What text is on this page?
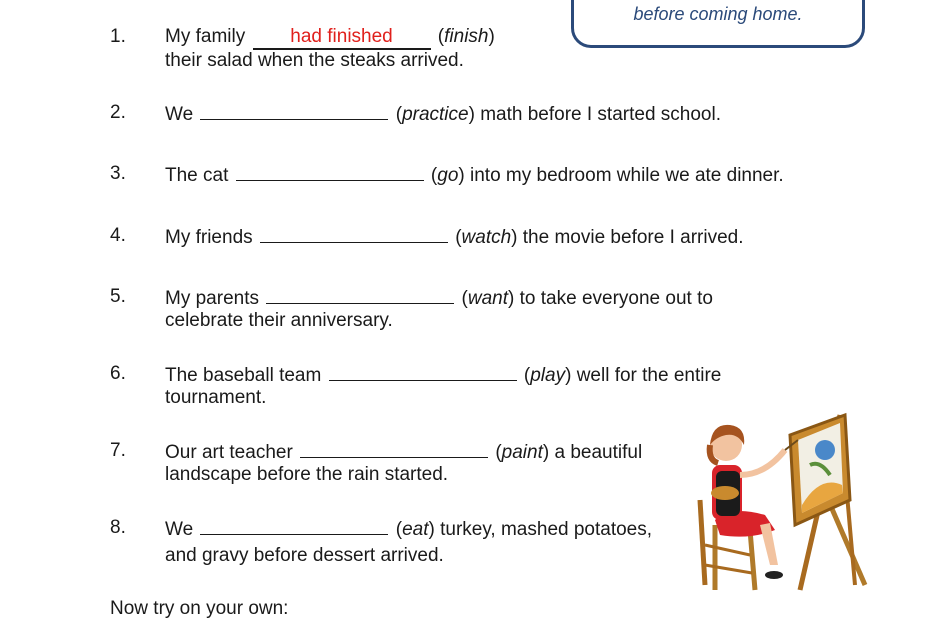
before coming home.
1.	My family had finished (finish)
their salad when the steaks arrived.
2.	We	(practice) math before I started school.
3.	The cat	(go) into my bedroom while we ate dinner.
4.	My friends	(watch) the movie before I arrived.
5.	My parents	(want) to take everyone out to
celebrate their anniversary.
6.	The baseball team	(play) well for the entire
tournament.
7.	Our art teacher	(paint) a beautiful
landscape before the rain started.
8.	We	(eat) turkey, mashed potatoes,
and gravy before dessert arrived.
Now try on your own:
